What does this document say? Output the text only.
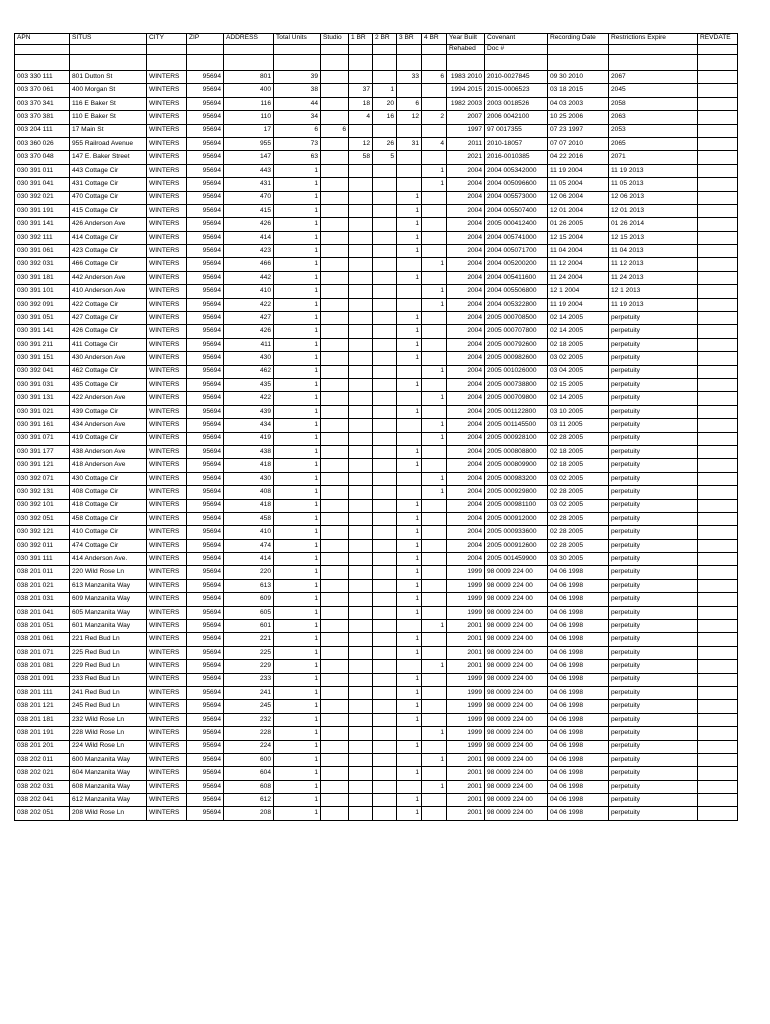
APN	SITUS	CITY	ZIP	ADDRESS	Total Units	Studio	1 BR	2 BR	3 BR	4 BR	Year Built	Covenant	Recording Date	Restrictions Expire	REVDATE
											Rehabed	Doc #			

003 330 111	801 Dutton St	WINTERS	95694	801	39				33	6	1983 2010	2010-0027845	09 30 2010	2067	
003 370 061	400 Morgan St	WINTERS	95694	400	38		37	1			1994 2015	2015-0006523	03 18 2015	2045	
003 370 341	116 E Baker St	WINTERS	95694	116	44		18	20	6		1982 2003	2003 0018526	04 03 2003	2058	
003 370 381	110 E Baker St	WINTERS	95694	110	34		4	16	12	2	2007	2006 0042100	10 25 2006	2063	
003 204 111	17 Main St	WINTERS	95694	17	6	6					1997	97 0017355	07 23 1997	2053	
003 360 026	955 Railroad Avenue	WINTERS	95694	955	73		12	26	31	4	2011	2010-18057	07 07 2010	2065	
003 370 048	147 E. Baker Street	WINTERS	95694	147	63		58	5			2021	2016-0010385	04 22 2016	2071	
030 391 011	443 Cottage Cir	WINTERS	95694	443	1					1	2004	2004 005342000	11 19 2004	11 19 2013	
030 391 041	431 Cottage Cir	WINTERS	95694	431	1					1	2004	2004 005096600	11 05 2004	11 05 2013	
030 392 021	470 Cottage Cir	WINTERS	95694	470	1				1		2004	2004 005573000	12 06 2004	12 06 2013	
030 391 191	415 Cottage Cir	WINTERS	95694	415	1				1		2004	2004 005507400	12 01 2004	12 01 2013	
030 391 141	426 Anderson Ave	WINTERS	95694	426	1				1		2004	2005 000412400	01 26 2005	01 26 2014	
030 392 111	414 Cottage Cir	WINTERS	95694	414	1				1		2004	2004 005741000	12 15 2004	12 15 2013	
030 391 061	423 Cottage Cir	WINTERS	95694	423	1				1		2004	2004 005071700	11 04 2004	11 04 2013	
030 392 031	466 Cottage Cir	WINTERS	95694	466	1					1	2004	2004 005200200	11 12 2004	11 12 2013	
030 391 181	442 Anderson Ave	WINTERS	95694	442	1				1		2004	2004 005411600	11 24 2004	11 24 2013	
030 391 101	410 Anderson Ave	WINTERS	95694	410	1					1	2004	2004 005506800	12 1 2004	12 1 2013	
030 392 091	422 Cottage Cir	WINTERS	95694	422	1					1	2004	2004 005322800	11 19 2004	11 19 2013	
030 391 051	427 Cottage Cir	WINTERS	95694	427	1				1		2004	2005 000708500	02 14 2005	perpetuity	
030 391 141	426 Cottage Cir	WINTERS	95694	426	1				1		2004	2005 000707800	02 14 2005	perpetuity	
030 391 211	411 Cottage Cir	WINTERS	95694	411	1				1		2004	2005 000792600	02 18 2005	perpetuity	
030 391 151	430 Anderson Ave	WINTERS	95694	430	1				1		2004	2005 000982600	03 02 2005	perpetuity	
030 392 041	462 Cottage Cir	WINTERS	95694	462	1					1	2004	2005 001026000	03 04 2005	perpetuity	
030 391 031	435 Cottage Cir	WINTERS	95694	435	1				1		2004	2005 000738800	02 15 2005	perpetuity	
030 391 131	422 Anderson Ave	WINTERS	95694	422	1					1	2004	2005 000709800	02 14 2005	perpetuity	
030 391 021	439 Cottage Cir	WINTERS	95694	439	1				1		2004	2005 001122800	03 10 2005	perpetuity	
030 391 161	434 Anderson Ave	WINTERS	95694	434	1					1	2004	2005 001145500	03 11 2005	perpetuity	
030 391 071	419 Cottage Cir	WINTERS	95694	419	1					1	2004	2005 000928100	02 28 2005	perpetuity	
030 391 177	438 Anderson Ave	WINTERS	95694	438	1				1		2004	2005 000808800	02 18 2005	perpetuity	
030 391 121	418 Anderson Ave	WINTERS	95694	418	1				1		2004	2005 000809900	02 18 2005	perpetuity	
030 392 071	430 Cottage Cir	WINTERS	95694	430	1					1	2004	2005 000983200	03 02 2005	perpetuity	
030 392 131	408 Cottage Cir	WINTERS	95694	408	1					1	2004	2005 000929800	02 28 2005	perpetuity	
030 392 101	418 Cottage Cir	WINTERS	95694	418	1				1		2004	2005 000981100	03 02 2005	perpetuity	
030 392 051	458 Cottage Cir	WINTERS	95694	458	1				1		2004	2005 000912000	02 28 2005	perpetuity	
030 392 121	410 Cottage Cir	WINTERS	95694	410	1				1		2004	2005 000933600	02 28 2005	perpetuity	
030 392 011	474 Cottage Cir	WINTERS	95694	474	1				1		2004	2005 000912600	02 28 2005	perpetuity	
030 391 111	414 Anderson Ave.	WINTERS	95694	414	1				1		2004	2005 001459900	03 30 2005	perpetuity	
038 201 011	220 Wild Rose Ln	WINTERS	95694	220	1				1		1999	98 0009 224 00	04 06 1998	perpetuity	
038 201 021	613 Manzanita Way	WINTERS	95694	613	1				1		1999	98 0009 224 00	04 06 1998	perpetuity	
038 201 031	609 Manzanita Way	WINTERS	95694	609	1				1		1999	98 0009 224 00	04 06 1998	perpetuity	
038 201 041	605 Manzanita Way	WINTERS	95694	605	1				1		1999	98 0009 224 00	04 06 1998	perpetuity	
038 201 051	601 Manzanita Way	WINTERS	95694	601	1					1	2001	98 0009 224 00	04 06 1998	perpetuity	
038 201 061	221 Red Bud Ln	WINTERS	95694	221	1				1		2001	98 0009 224 00	04 06 1998	perpetuity	
038 201 071	225 Red Bud Ln	WINTERS	95694	225	1				1		2001	98 0009 224 00	04 06 1998	perpetuity	
038 201 081	229 Red Bud Ln	WINTERS	95694	229	1					1	2001	98 0009 224 00	04 06 1998	perpetuity	
038 201 091	233 Red Bud Ln	WINTERS	95694	233	1				1		1999	98 0009 224 00	04 06 1998	perpetuity	
038 201 111	241 Red Bud Ln	WINTERS	95694	241	1				1		1999	98 0009 224 00	04 06 1998	perpetuity	
038 201 121	245 Red Bud Ln	WINTERS	95694	245	1				1		1999	98 0009 224 00	04 06 1998	perpetuity	
038 201 181	232 Wild Rose Ln	WINTERS	95694	232	1				1		1999	98 0009 224 00	04 06 1998	perpetuity	
038 201 191	228 Wild Rose Ln	WINTERS	95694	228	1					1	1999	98 0009 224 00	04 06 1998	perpetuity	
038 201 201	224 Wild Rose Ln	WINTERS	95694	224	1				1		1999	98 0009 224 00	04 06 1998	perpetuity	
038 202 011	600 Manzanita Way	WINTERS	95694	600	1					1	2001	98 0009 224 00	04 06 1998	perpetuity	
038 202 021	604 Manzanita Way	WINTERS	95694	604	1				1		2001	98 0009 224 00	04 06 1998	perpetuity	
038 202 031	608 Manzanita Way	WINTERS	95694	608	1					1	2001	98 0009 224 00	04 06 1998	perpetuity	
038 202 041	612 Manzanita Way	WINTERS	95694	612	1				1		2001	98 0009 224 00	04 06 1998	perpetuity	
038 202 051	208 Wild Rose Ln	WINTERS	95694	208	1				1		2001	98 0009 224 00	04 06 1998	perpetuity	
